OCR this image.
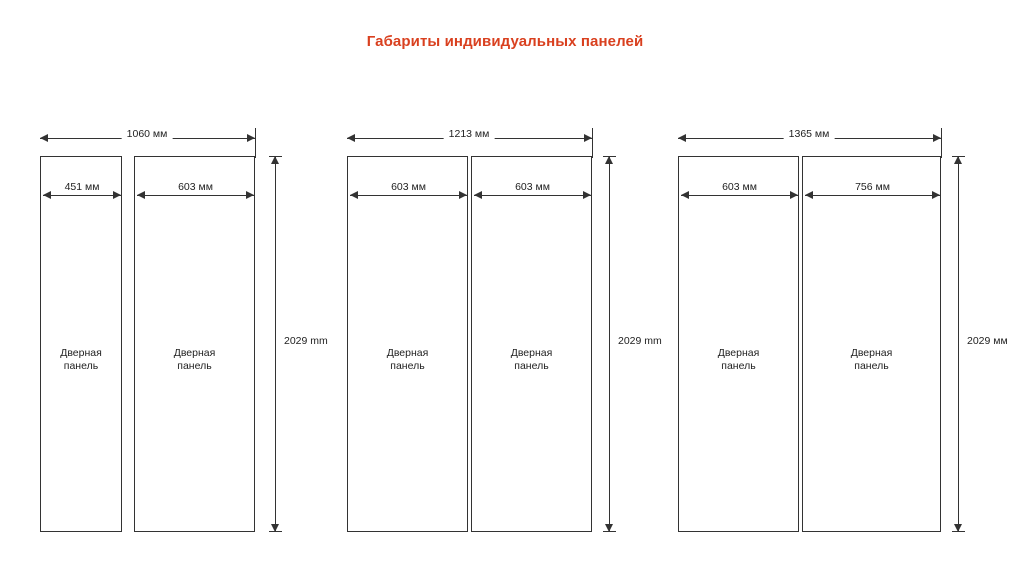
Габариты индивидуальных панелей
1060 мм
451 мм
Дверная
панель
603 мм
Дверная
панель
2029 mm
1213 мм
603 мм
Дверная
панель
603 мм
Дверная
панель
2029 mm
1365 мм
603 мм
Дверная
панель
756 мм
Дверная
панель
2029 мм
